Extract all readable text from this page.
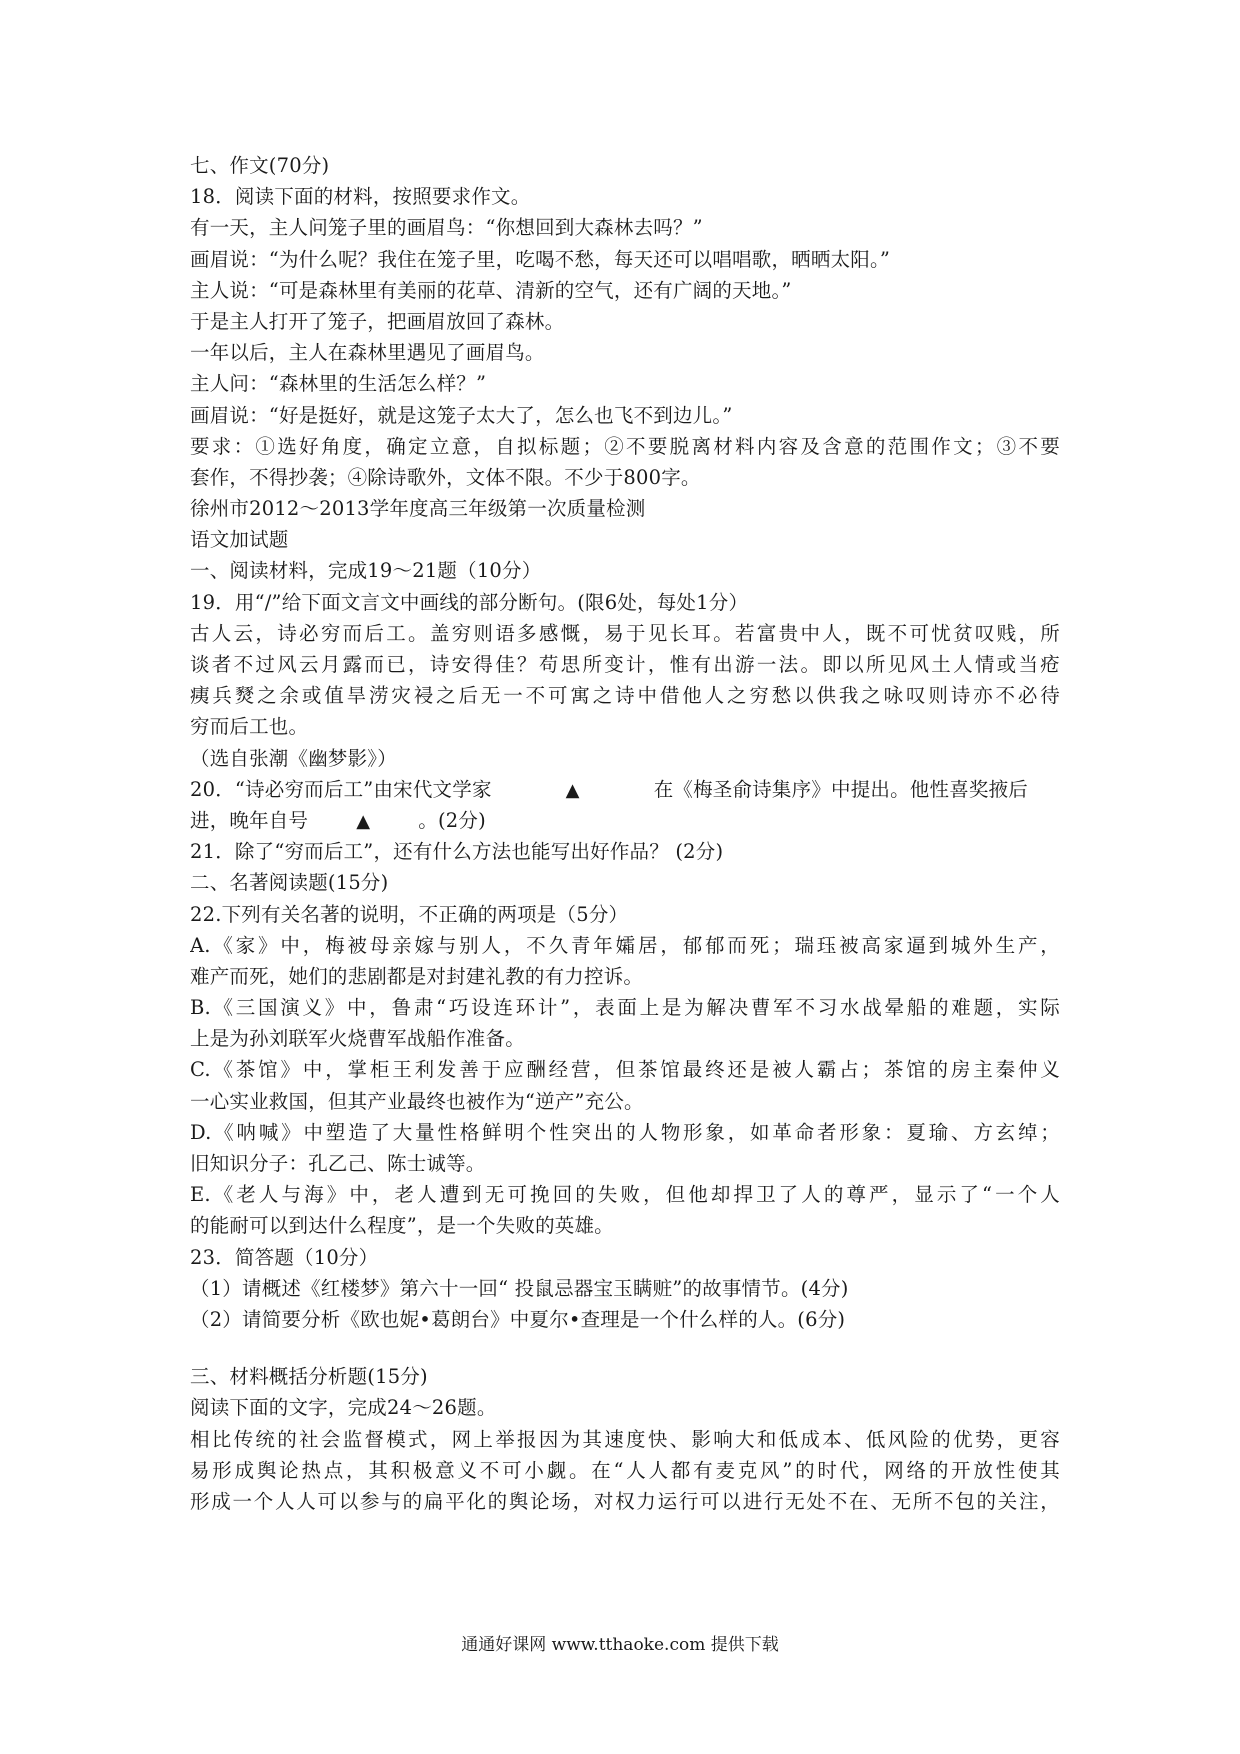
七、作文(70分)
18．阅读下面的材料，按照要求作文。
有一天，主人问笼子里的画眉鸟：“你想回到大森林去吗？”
画眉说：“为什么呢？我住在笼子里，吃喝不愁，每天还可以唱唱歌，晒晒太阳。”
主人说：“可是森林里有美丽的花草、清新的空气，还有广阔的天地。”
于是主人打开了笼子，把画眉放回了森林。
一年以后，主人在森林里遇见了画眉鸟。
主人问：“森林里的生活怎么样？”
画眉说：“好是挺好，就是这笼子太大了，怎么也飞不到边儿。”
要求：①选好角度，确定立意，自拟标题；②不要脱离材料内容及含意的范围作文；③不要
套作，不得抄袭；④除诗歌外，文体不限。不少于800字。
徐州市2012～2013学年度高三年级第一次质量检测
语文加试题
一、阅读材料，完成19～21题（10分）
19．用“/”给下面文言文中画线的部分断句。(限6处，每处1分）
古人云，诗必穷而后工。盖穷则语多感慨，易于见长耳。若富贵中人，既不可忧贫叹贱，所
谈者不过风云月露而已，诗安得佳？苟思所变计，惟有出游一法。即以所见风土人情或当疮
痍兵燹之余或值旱涝灾祲之后无一不可寓之诗中借他人之穷愁以供我之咏叹则诗亦不必待
穷而后工也。
（选自张潮《幽梦影》）
20．“诗必穷而后工”由宋代文学家	▲	在《梅圣俞诗集序》中提出。他性喜奖掖后
进，晚年自号	▲ 。(2分)
21．除了“穷而后工”，还有什么方法也能写出好作品？ (2分)
二、名著阅读题(15分)
22.下列有关名著的说明，不正确的两项是（5分）
A.《家》中，梅被母亲嫁与别人，不久青年孀居，郁郁而死；瑞珏被高家逼到城外生产，
难产而死，她们的悲剧都是对封建礼教的有力控诉。
B.《三国演义》中，鲁肃“巧设连环计”，表面上是为解决曹军不习水战晕船的难题，实际
上是为孙刘联军火烧曹军战船作准备。
C.《茶馆》中，掌柜王利发善于应酬经营，但茶馆最终还是被人霸占；茶馆的房主秦仲义
一心实业救国，但其产业最终也被作为“逆产”充公。
D.《呐喊》中塑造了大量性格鲜明个性突出的人物形象，如革命者形象：夏瑜、方玄绰；
旧知识分子：孔乙己、陈士诚等。
E.《老人与海》中，老人遭到无可挽回的失败，但他却捍卫了人的尊严，显示了“一个人
的能耐可以到达什么程度”，是一个失败的英雄。
23．简答题（10分）
（1）请概述《红楼梦》第六十一回“ 投鼠忌器宝玉瞒赃”的故事情节。(4分)
（2）请简要分析《欧也妮•葛朗台》中夏尔•查理是一个什么样的人。(6分)
三、材料概括分析题(15分)
阅读下面的文字，完成24～26题。
相比传统的社会监督模式，网上举报因为其速度快、影响大和低成本、低风险的优势，更容
易形成舆论热点，其积极意义不可小觑。在“人人都有麦克风”的时代，网络的开放性使其
形成一个人人可以参与的扁平化的舆论场，对权力运行可以进行无处不在、无所不包的关注，
通通好课网 www.tthaoke.com 提供下载
